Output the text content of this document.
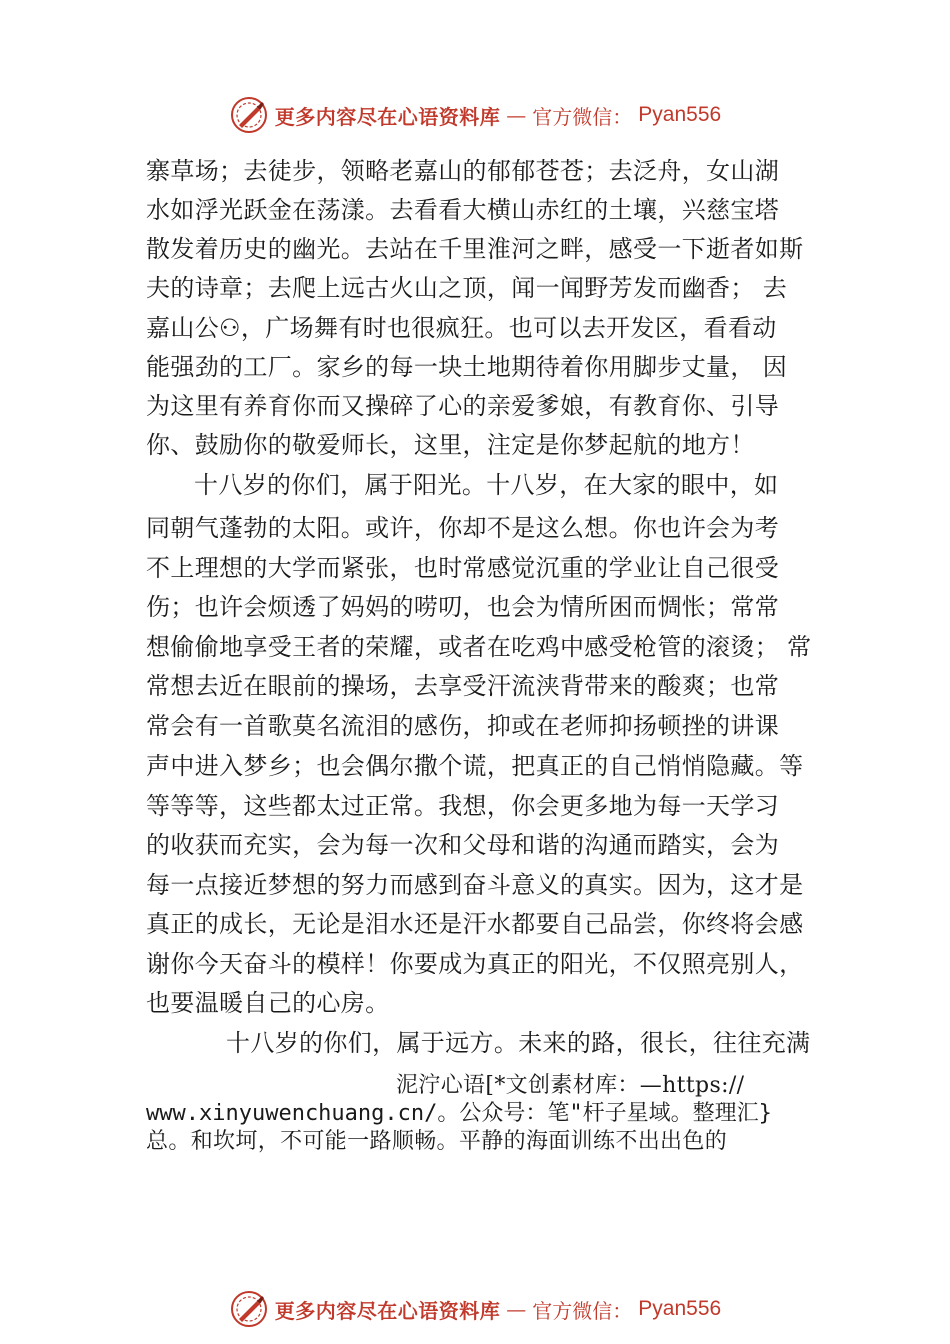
更多内容尽在心语资料库 — 官方微信： Pyan556
寨草场；去徒步，领略老嘉山的郁郁苍苍；去泛舟，女山湖
水如浮光跃金在荡漾。去看看大横山赤红的土壤，兴慈宝塔
散发着历史的幽光。去站在千里淮河之畔，感受一下逝者如斯
夫的诗章；去爬上远古火山之顶，闻一闻野芳发而幽香； 去
嘉山公⚇，广场舞有时也很疯狂。也可以去开发区，看看动
能强劲的工厂。家乡的每一块土地期待着你用脚步丈量， 因
为这里有养育你而又操碎了心的亲爱爹娘，有教育你、引导
你、鼓励你的敬爱师长，这里，注定是你梦起航的地方！
十八岁的你们，属于阳光。十八岁，在大家的眼中，如
同朝气蓬勃的太阳。或许，你却不是这么想。你也许会为考
不上理想的大学而紧张，也时常感觉沉重的学业让自己很受
伤；也许会烦透了妈妈的唠叨，也会为情所困而惆怅；常常
想偷偷地享受王者的荣耀，或者在吃鸡中感受枪管的滚烫； 常
常想去近在眼前的操场，去享受汗流浃背带来的酸爽；也常
常会有一首歌莫名流泪的感伤，抑或在老师抑扬顿挫的讲课
声中进入梦乡；也会偶尔撒个谎，把真正的自己悄悄隐藏。等
等等等，这些都太过正常。我想，你会更多地为每一天学习
的收获而充实，会为每一次和父母和谐的沟通而踏实，会为
每一点接近梦想的努力而感到奋斗意义的真实。因为，这才是
真正的成长，无论是泪水还是汗水都要自己品尝，你终将会感
谢你今天奋斗的模样！你要成为真正的阳光，不仅照亮别人，
也要温暖自己的心房。
十八岁的你们，属于远方。未来的路，很长，往往充满
泥泞心语[*文创素材库：—https://
www.xinyuwenchuang.cn/。公众号：笔"杆子星域。整理汇}
总。和坎坷，不可能一路顺畅。平静的海面训练不出出色的
更多内容尽在心语资料库 — 官方微信： Pyan556
